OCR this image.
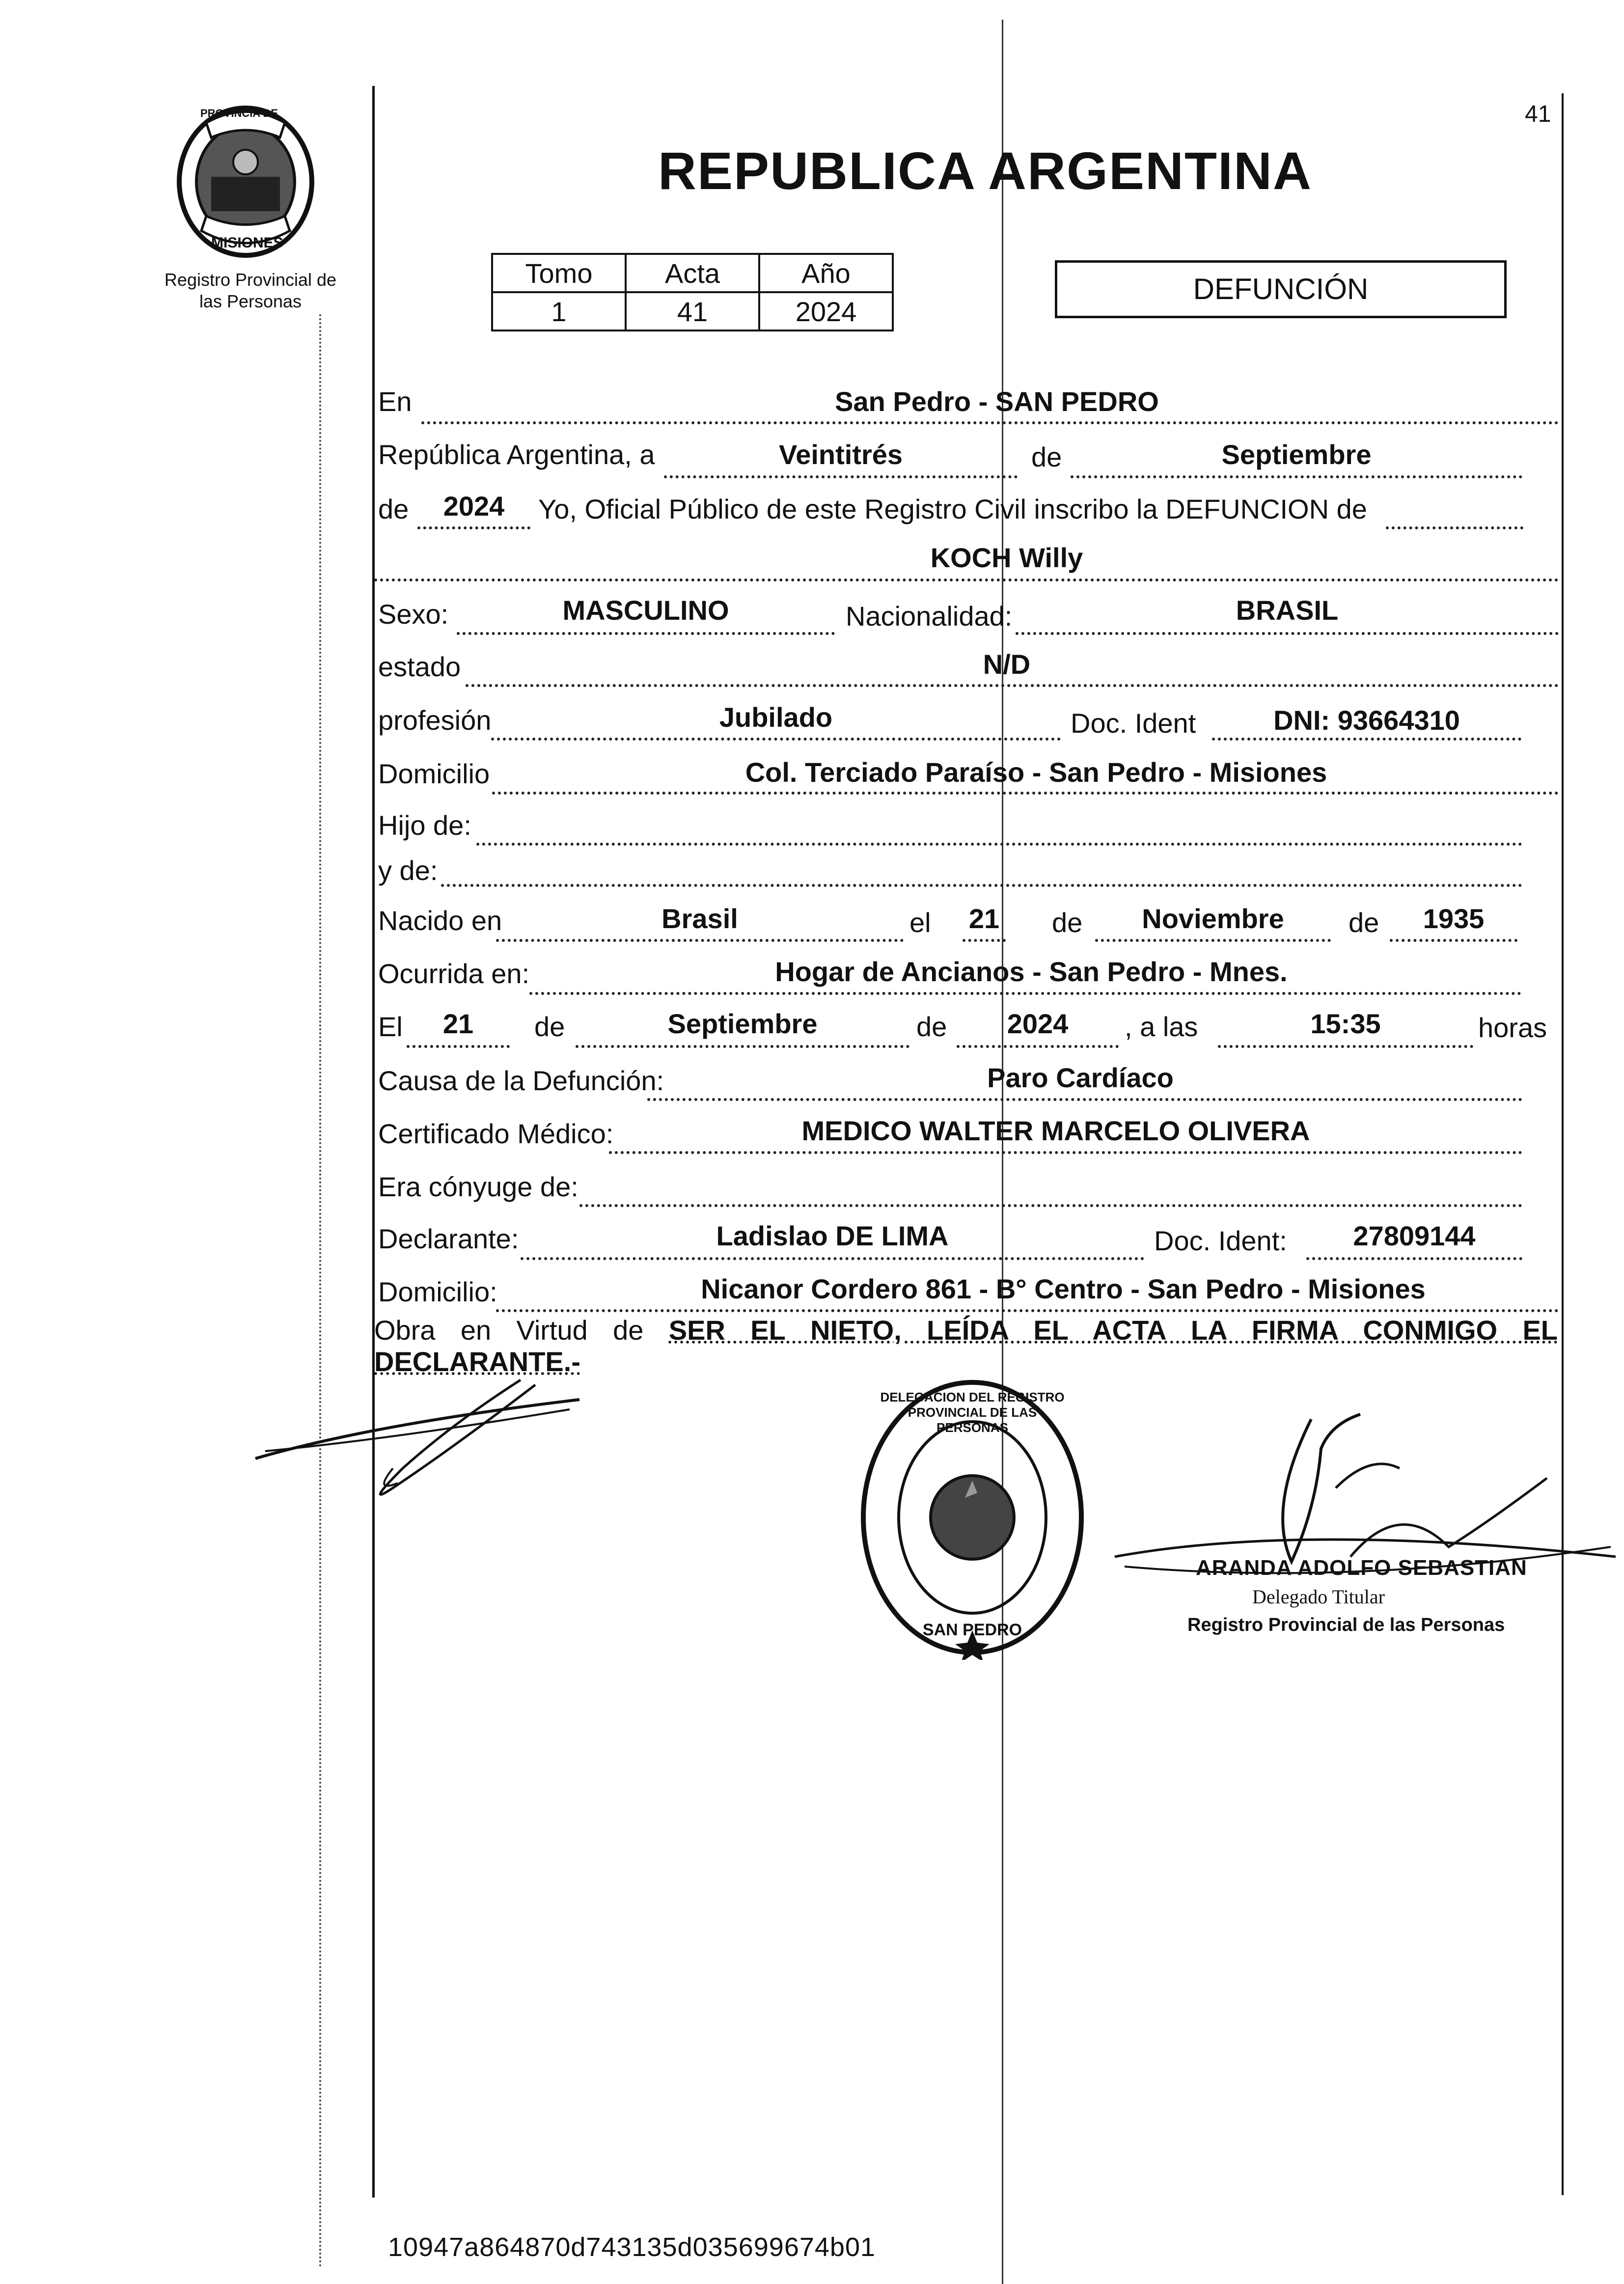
PROVINCIA DE
MISIONES
Registro Provincial de
las Personas
41
REPUBLICA ARGENTINA
Tomo	Acta	Año
1	41	2024
DEFUNCIÓN
En	San Pedro - SAN PEDRO
República Argentina, a	Veintitrés	de	Septiembre
de	2024	Yo, Oficial Público de este Registro Civil inscribo la DEFUNCION de
KOCH Willy
Sexo:	MASCULINO	Nacionalidad:	BRASIL
estado	N/D
profesión	Jubilado	Doc. Ident	DNI: 93664310
Domicilio	Col. Terciado Paraíso - San Pedro - Misiones
Hijo de:
y de:
Nacido en	Brasil	el 21 de	Noviembre	de	1935
Ocurrida en:	Hogar de Ancianos - San Pedro - Mnes.
El	21	de	Septiembre	de	2024	, a las	15:35	horas
Causa de la Defunción:	Paro Cardíaco
Certificado Médico:	MEDICO WALTER MARCELO OLIVERA
Era cónyuge de:
Declarante:	Ladislao DE LIMA	Doc. Ident:	27809144
Domicilio:	Nicanor Cordero 861 - B° Centro - San Pedro - Misiones
Obra en Virtud de SER EL NIETO, LEÍDA EL ACTA LA FIRMA CONMIGO EL
DECLARANTE.-
DELEGACION DEL REGISTRO PROVINCIAL DE LAS PERSONAS
SAN PEDRO
ARANDA ADOLFO SEBASTIAN
Delegado Titular
Registro Provincial de las Personas
10947a864870d743135d035699674b01
